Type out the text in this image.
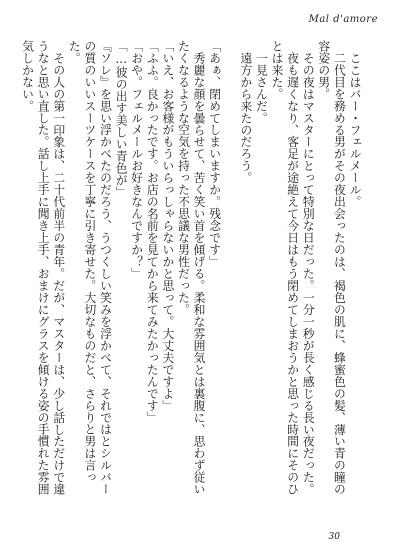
Mal d'amore

ここはバー・フェルメール。

二代目を務める男がその夜出会ったのは、褐色の肌に、蜂蜜色の髪、薄い青の瞳の容姿の男。

その夜はマスターにとって特別な日だった。一分一秒が長く感じる長い夜だった。

夜も遅くなり、客足が途絶えて今日はもう閉めてしまおうかと思った時間にそのひとは来た。

一見さんだ。

遠方から来たのだろう。

「あぁ、閉めてしまいますか。残念です」

秀麗な顔を曇らせて、苦く笑い首を傾げる。柔和な雰囲気とは裏腹に、思わず従いたくなるような空気を持った不思議な男性だった。

「いえ、お客様がもういらっしゃらないかと思って。大丈夫ですよ」

「ふふ。良かったです。お店の名前を見てから来てみたかったんです」

「おや。フェルメールお好きなんですか？」

「…彼の出す美しい青色が」

『ソレ』を思い浮かべたのだろう、うつくしい笑みを浮かべて、それではとシルバーの質のいいスーツケースを丁寧に引き寄せた。大切なものだと、さらりと男は言った。

その人の第一印象は、二十代前半の青年。だが、マスターは、少し話しただけで違うなと思い直した。話し上手に聞き上手、おまけにグラスを傾ける姿の手慣れた雰囲気しかない。

30
